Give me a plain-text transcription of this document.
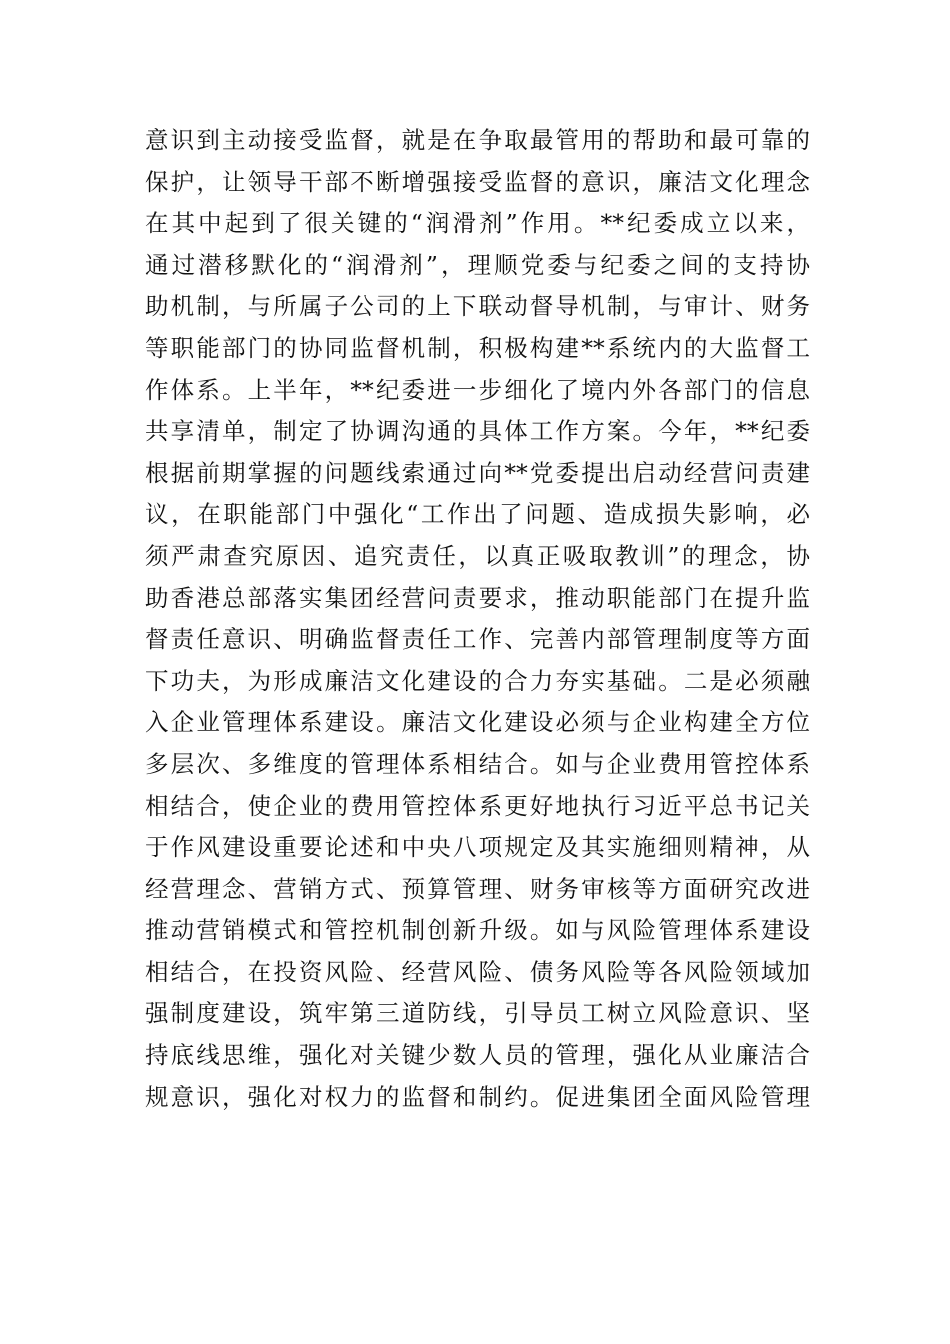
意识到主动接受监督，就是在争取最管用的帮助和最可靠的
保护，让领导干部不断增强接受监督的意识，廉洁文化理念
在其中起到了很关键的“润滑剂”作用。**纪委成立以来，
通过潜移默化的“润滑剂”，理顺党委与纪委之间的支持协
助机制，与所属子公司的上下联动督导机制，与审计、财务
等职能部门的协同监督机制，积极构建**系统内的大监督工
作体系。上半年，**纪委进一步细化了境内外各部门的信息
共享清单，制定了协调沟通的具体工作方案。今年，**纪委
根据前期掌握的问题线索通过向**党委提出启动经营问责建
议，在职能部门中强化“工作出了问题、造成损失影响，必
须严肃查究原因、追究责任，以真正吸取教训”的理念，协
助香港总部落实集团经营问责要求，推动职能部门在提升监
督责任意识、明确监督责任工作、完善内部管理制度等方面
下功夫，为形成廉洁文化建设的合力夯实基础。二是必须融
入企业管理体系建设。廉洁文化建设必须与企业构建全方位
多层次、多维度的管理体系相结合。如与企业费用管控体系
相结合，使企业的费用管控体系更好地执行习近平总书记关
于作风建设重要论述和中央八项规定及其实施细则精神，从
经营理念、营销方式、预算管理、财务审核等方面研究改进
推动营销模式和管控机制创新升级。如与风险管理体系建设
相结合，在投资风险、经营风险、债务风险等各风险领域加
强制度建设，筑牢第三道防线，引导员工树立风险意识、坚
持底线思维，强化对关键少数人员的管理，强化从业廉洁合
规意识，强化对权力的监督和制约。促进集团全面风险管理
